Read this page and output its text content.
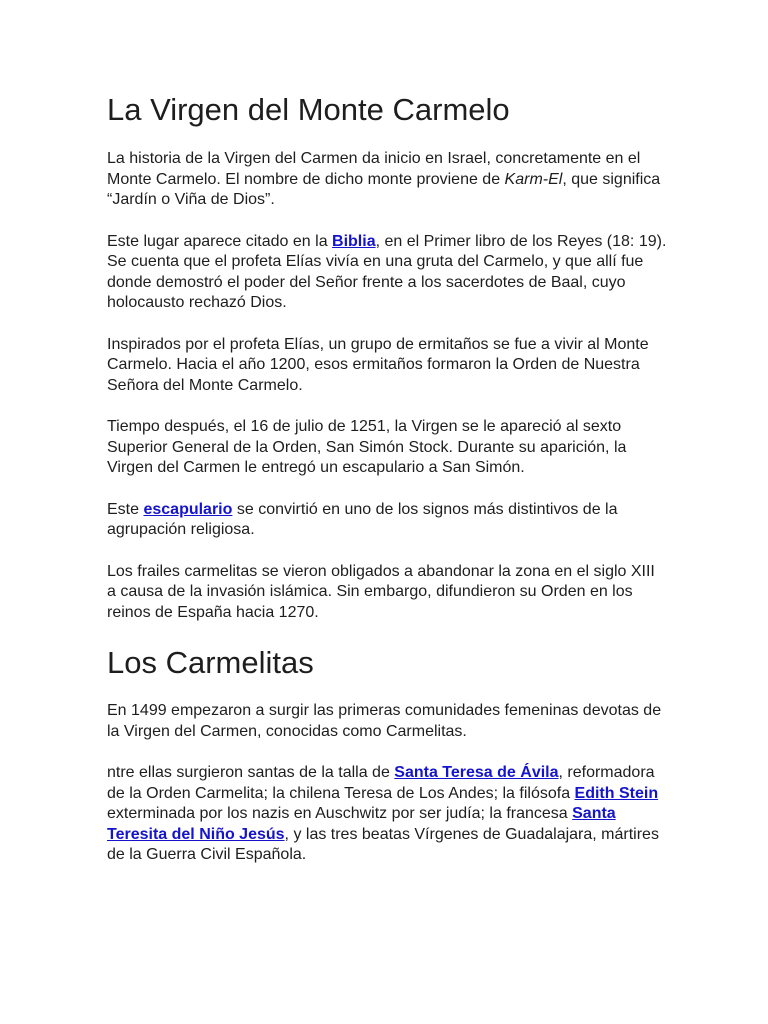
La Virgen del Monte Carmelo

La historia de la Virgen del Carmen da inicio en Israel, concretamente en el Monte Carmelo. El nombre de dicho monte proviene de Karm-El, que significa “Jardín o Viña de Dios”.

Este lugar aparece citado en la Biblia, en el Primer libro de los Reyes (18: 19). Se cuenta que el profeta Elías vivía en una gruta del Carmelo, y que allí fue donde demostró el poder del Señor frente a los sacerdotes de Baal, cuyo holocausto rechazó Dios.

Inspirados por el profeta Elías, un grupo de ermitaños se fue a vivir al Monte Carmelo. Hacia el año 1200, esos ermitaños formaron la Orden de Nuestra Señora del Monte Carmelo.

Tiempo después, el 16 de julio de 1251, la Virgen se le apareció al sexto Superior General de la Orden, San Simón Stock. Durante su aparición, la Virgen del Carmen le entregó un escapulario a San Simón.

Este escapulario se convirtió en uno de los signos más distintivos de la agrupación religiosa.

Los frailes carmelitas se vieron obligados a abandonar la zona en el siglo XIII a causa de la invasión islámica. Sin embargo, difundieron su Orden en los reinos de España hacia 1270.

Los Carmelitas

En 1499 empezaron a surgir las primeras comunidades femeninas devotas de la Virgen del Carmen, conocidas como Carmelitas.

ntre ellas surgieron santas de la talla de Santa Teresa de Ávila, reformadora de la Orden Carmelita; la chilena Teresa de Los Andes; la filósofa Edith Stein exterminada por los nazis en Auschwitz por ser judía; la francesa Santa Teresita del Niño Jesús, y las tres beatas Vírgenes de Guadalajara, mártires de la Guerra Civil Española.
